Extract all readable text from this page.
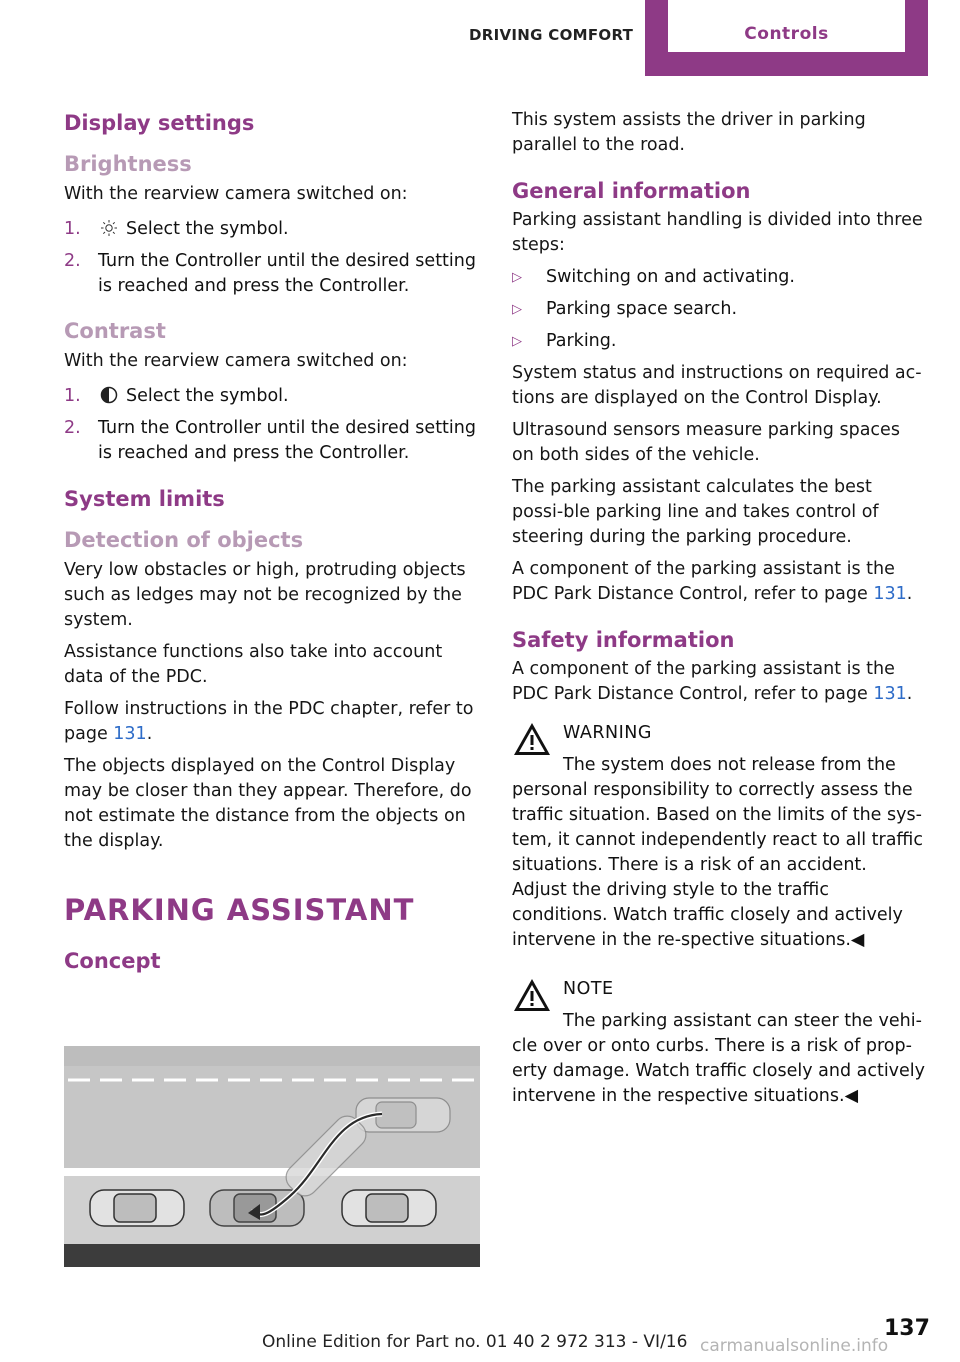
DRIVING COMFORT	Controls
Display settings
Brightness

With the rearview camera switched on:

1.	Select the symbol.
2. Turn the Controller until the desired setting is reached and press the Controller.
Contrast

With the rearview camera switched on:

1.	Select the symbol.
2. Turn the Controller until the desired setting is reached and press the Controller.
System limits
Detection of objects

Very low obstacles or high, protruding objects such as ledges may not be recognized by the system.

Assistance functions also take into account data of the PDC.

Follow instructions in the PDC chapter, refer to page 131.

The objects displayed on the Control Display may be closer than they appear. Therefore, do not estimate the distance from the objects on the display.

PARKING ASSISTANT
Concept

This system assists the driver in parking parallel to the road.

General information

Parking assistant handling is divided into three steps:

▷	Switching on and activating.
▷	Parking space search.
▷	Parking.

System status and instructions on required ac‐tions are displayed on the Control Display.

Ultrasound sensors measure parking spaces on both sides of the vehicle.

The parking assistant calculates the best possi‐ble parking line and takes control of steering during the parking procedure.

A component of the parking assistant is the PDC Park Distance Control, refer to page 131.

Safety information

A component of the parking assistant is the PDC Park Distance Control, refer to page 131.

WARNING
The system does not release from the personal responsibility to correctly assess the traffic situation. Based on the limits of the sys‐tem, it cannot independently react to all traffic situations. There is a risk of an accident. Adjust the driving style to the traffic conditions. Watch traffic closely and actively intervene in the re‐spective situations.◀
NOTE
The parking assistant can steer the vehi‐cle over or onto curbs. There is a risk of prop‐erty damage. Watch traffic closely and actively intervene in the respective situations.◀
137
Online Edition for Part no. 01 40 2 972 313 - VI/16 carmanualsonline.info
